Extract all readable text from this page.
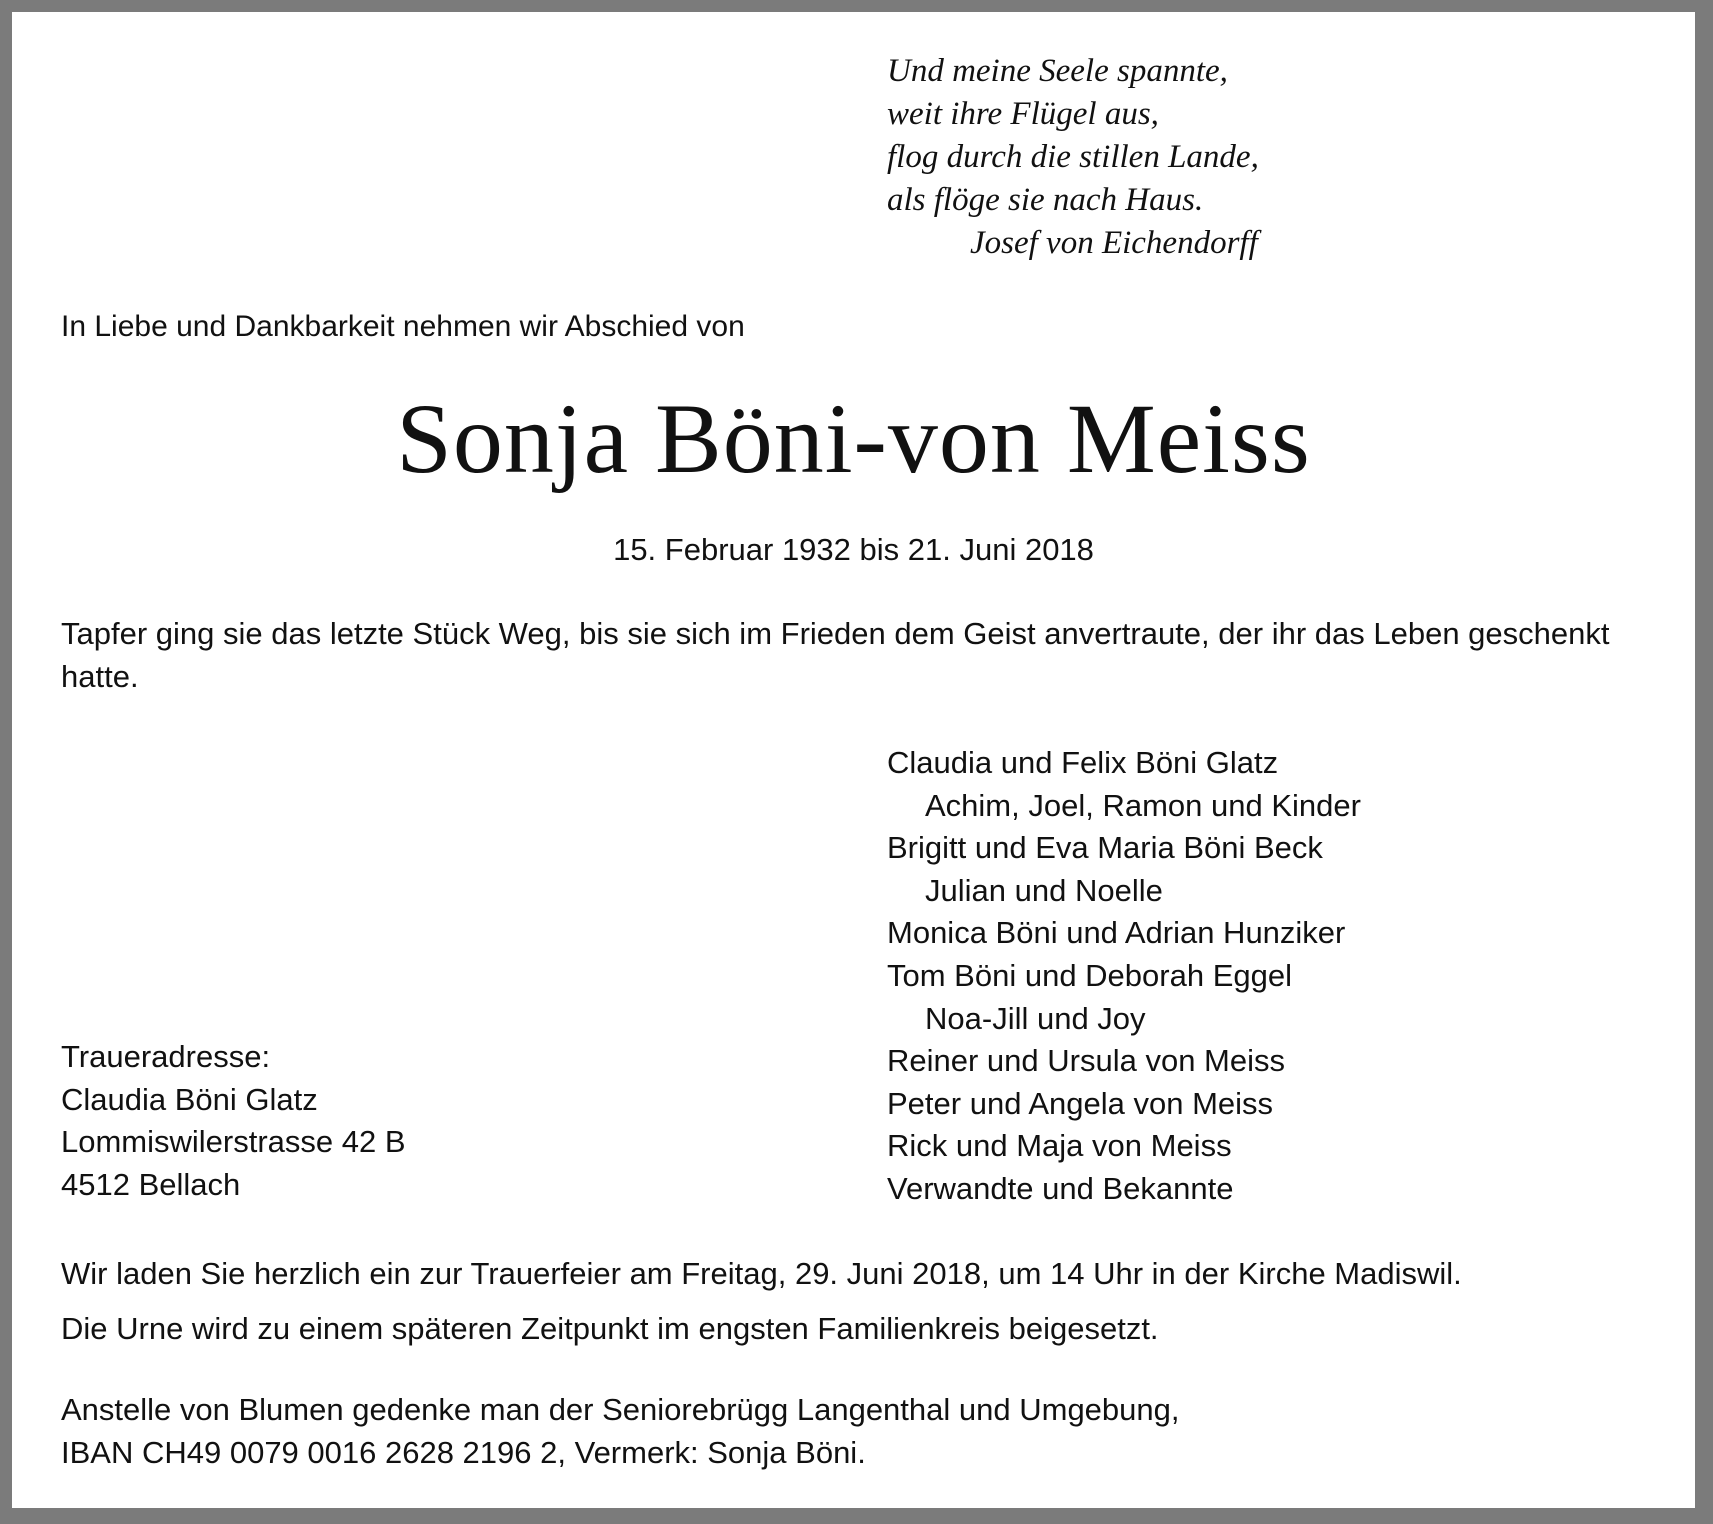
Und meine Seele spannte,
weit ihre Flügel aus,
flog durch die stillen Lande,
als flöge sie nach Haus.
Josef von Eichendorff
In Liebe und Dankbarkeit nehmen wir Abschied von
Sonja Böni-von Meiss
15. Februar 1932 bis 21. Juni 2018
Tapfer ging sie das letzte Stück Weg, bis sie sich im Frieden dem Geist anvertraute, der ihr das Leben geschenkt hatte.
Claudia und Felix Böni Glatz
Achim, Joel, Ramon und Kinder
Brigitt und Eva Maria Böni Beck
Julian und Noelle
Monica Böni und Adrian Hunziker
Tom Böni und Deborah Eggel
Noa-Jill und Joy
Reiner und Ursula von Meiss
Peter und Angela von Meiss
Rick und Maja von Meiss
Verwandte und Bekannte
Traueradresse:
Claudia Böni Glatz
Lommiswilerstrasse 42 B
4512 Bellach
Wir laden Sie herzlich ein zur Trauerfeier am Freitag, 29. Juni 2018, um 14 Uhr in der Kirche Madiswil.
Die Urne wird zu einem späteren Zeitpunkt im engsten Familienkreis beigesetzt.
Anstelle von Blumen gedenke man der Seniorebrügg Langenthal und Umgebung,
IBAN CH49 0079 0016 2628 2196 2, Vermerk: Sonja Böni.
